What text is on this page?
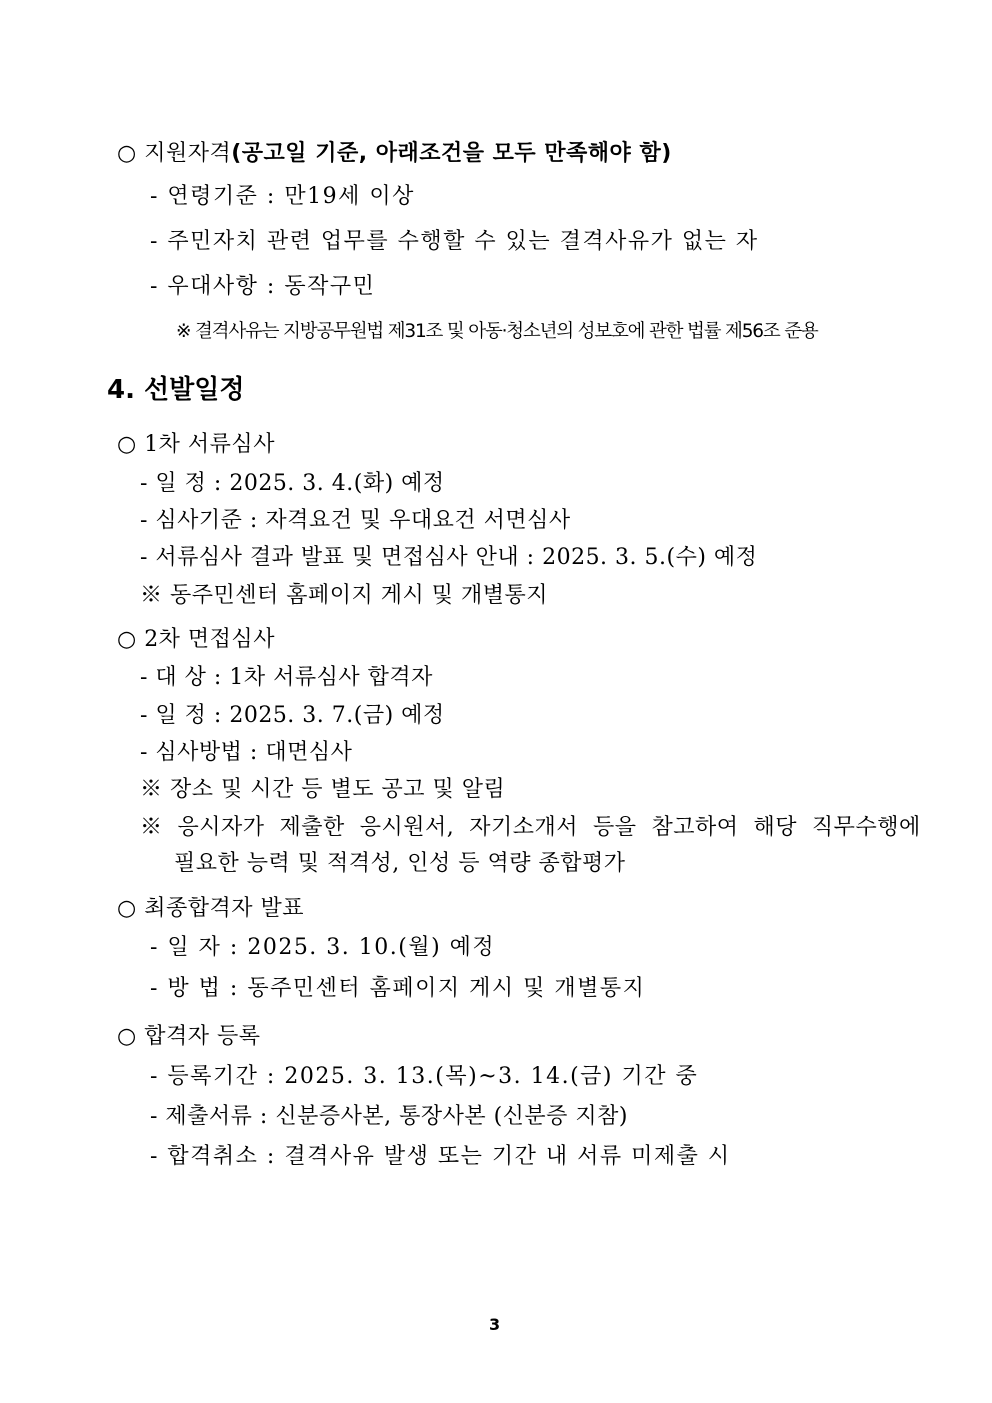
○ 지원자격(공고일 기준, 아래조건을 모두 만족해야 함)
- 연령기준 : 만19세 이상
- 주민자치 관련 업무를 수행할 수 있는 결격사유가 없는 자
- 우대사항 : 동작구민
※ 결격사유는 지방공무원법 제31조 및 아동·청소년의 성보호에 관한 법률 제56조 준용
4. 선발일정
○ 1차 서류심사
- 일 정 : 2025. 3. 4.(화) 예정
- 심사기준 : 자격요건 및 우대요건 서면심사
- 서류심사 결과 발표 및 면접심사 안내 : 2025. 3. 5.(수) 예정
※ 동주민센터 홈페이지 게시 및 개별통지
○ 2차 면접심사
- 대 상 : 1차 서류심사 합격자
- 일 정 : 2025. 3. 7.(금) 예정
- 심사방법 : 대면심사
※ 장소 및 시간 등 별도 공고 및 알림
※  응시자가  제출한  응시원서,  자기소개서  등을  참고하여  해당  직무수행에
필요한 능력 및 적격성, 인성 등 역량 종합평가
○ 최종합격자 발표
- 일 자 : 2025. 3. 10.(월) 예정
- 방 법 : 동주민센터 홈페이지 게시 및 개별통지
○ 합격자 등록
- 등록기간 : 2025. 3. 13.(목)~3. 14.(금) 기간 중
- 제출서류 : 신분증사본, 통장사본 (신분증 지참)
- 합격취소 : 결격사유 발생 또는 기간 내 서류 미제출 시
3
